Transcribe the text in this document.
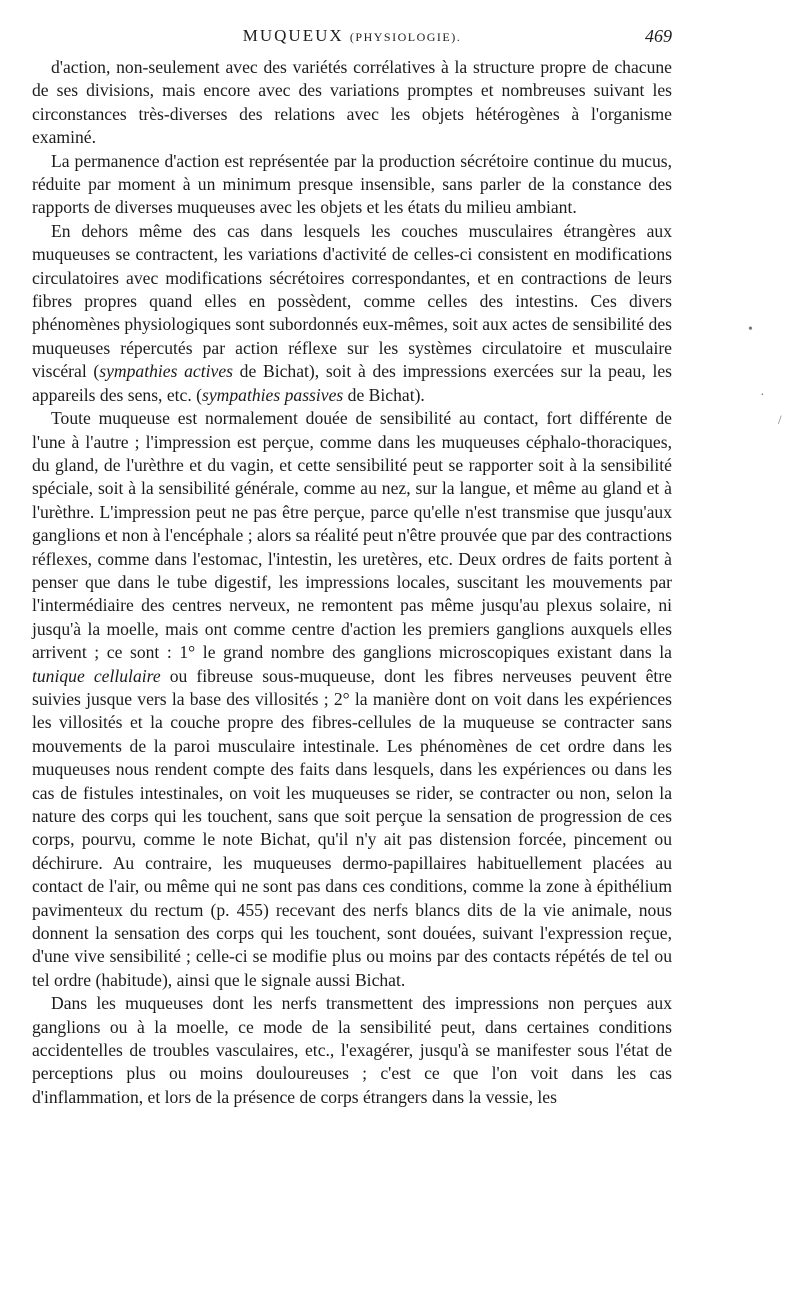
MUQUEUX (PHYSIOLOGIE).	469

d'action, non-seulement avec des variétés corrélatives à la structure propre de chacune de ses divisions, mais encore avec des variations promptes et nombreuses suivant les circonstances très-diverses des relations avec les objets hétérogènes à l'organisme examiné.

La permanence d'action est représentée par la production sécrétoire continue du mucus, réduite par moment à un minimum presque insensible, sans parler de la constance des rapports de diverses muqueuses avec les objets et les états du milieu ambiant.

En dehors même des cas dans lesquels les couches musculaires étrangères aux muqueuses se contractent, les variations d'activité de celles-ci consistent en modifications circulatoires avec modifications sécrétoires correspondantes, et en contractions de leurs fibres propres quand elles en possèdent, comme celles des intestins. Ces divers phénomènes physiologiques sont subordonnés eux-mêmes, soit aux actes de sensibilité des muqueuses répercutés par action réflexe sur les systèmes circulatoire et musculaire viscéral (sympathies actives de Bichat), soit à des impressions exercées sur la peau, les appareils des sens, etc. (sympathies passives de Bichat).

Toute muqueuse est normalement douée de sensibilité au contact, fort différente de l'une à l'autre ; l'impression est perçue, comme dans les muqueuses céphalo-thoraciques, du gland, de l'urèthre et du vagin, et cette sensibilité peut se rapporter soit à la sensibilité spéciale, soit à la sensibilité générale, comme au nez, sur la langue, et même au gland et à l'urèthre. L'impression peut ne pas être perçue, parce qu'elle n'est transmise que jusqu'aux ganglions et non à l'encéphale ; alors sa réalité peut n'être prouvée que par des contractions réflexes, comme dans l'estomac, l'intestin, les uretères, etc. Deux ordres de faits portent à penser que dans le tube digestif, les impressions locales, suscitant les mouvements par l'intermédiaire des centres nerveux, ne remontent pas même jusqu'au plexus solaire, ni jusqu'à la moelle, mais ont comme centre d'action les premiers ganglions auxquels elles arrivent ; ce sont : 1° le grand nombre des ganglions microscopiques existant dans la tunique cellulaire ou fibreuse sous-muqueuse, dont les fibres nerveuses peuvent être suivies jusque vers la base des villosités ; 2° la manière dont on voit dans les expériences les villosités et la couche propre des fibres-cellules de la muqueuse se contracter sans mouvements de la paroi musculaire intestinale. Les phénomènes de cet ordre dans les muqueuses nous rendent compte des faits dans lesquels, dans les expériences ou dans les cas de fistules intestinales, on voit les muqueuses se rider, se contracter ou non, selon la nature des corps qui les touchent, sans que soit perçue la sensation de progression de ces corps, pourvu, comme le note Bichat, qu'il n'y ait pas distension forcée, pincement ou déchirure. Au contraire, les muqueuses dermo-papillaires habituellement placées au contact de l'air, ou même qui ne sont pas dans ces conditions, comme la zone à épithélium pavimenteux du rectum (p. 455) recevant des nerfs blancs dits de la vie animale, nous donnent la sensation des corps qui les touchent, sont douées, suivant l'expression reçue, d'une vive sensibilité ; celle-ci se modifie plus ou moins par des contacts répétés de tel ou tel ordre (habitude), ainsi que le signale aussi Bichat.

Dans les muqueuses dont les nerfs transmettent des impressions non perçues aux ganglions ou à la moelle, ce mode de la sensibilité peut, dans certaines conditions accidentelles de troubles vasculaires, etc., l'exagérer, jusqu'à se manifester sous l'état de perceptions plus ou moins douloureuses ; c'est ce que l'on voit dans les cas d'inflammation, et lors de la présence de corps étrangers dans la vessie, les

•
·
/
